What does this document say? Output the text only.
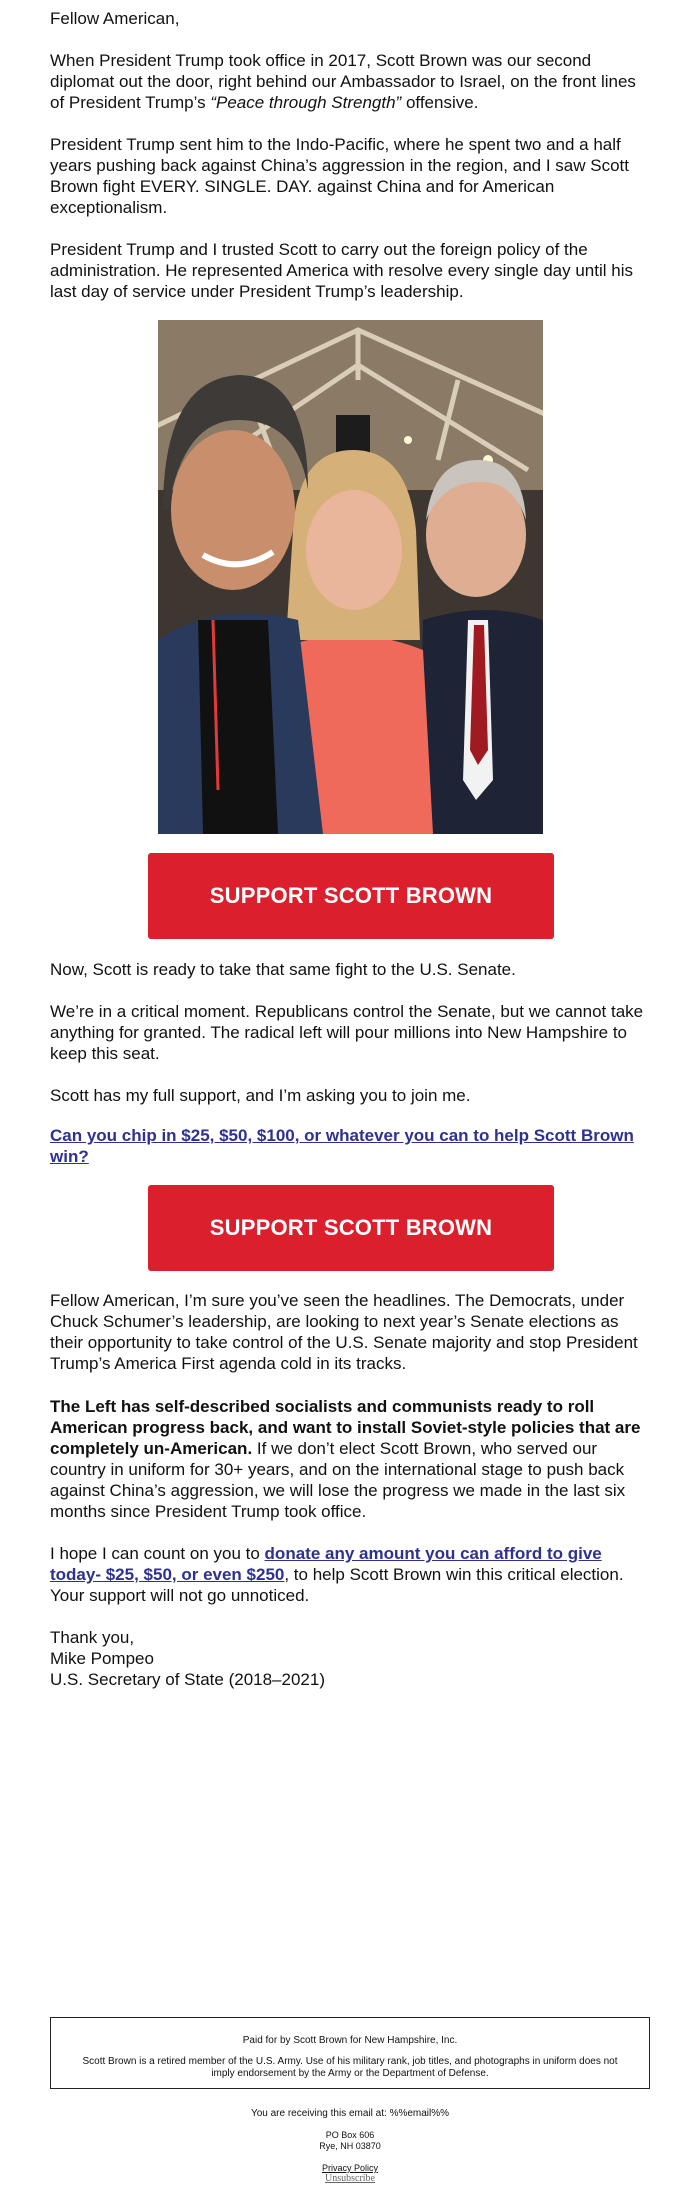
Fellow American,

When President Trump took office in 2017, Scott Brown was our second diplomat out the door, right behind our Ambassador to Israel, on the front lines of President Trump’s “Peace through Strength” offensive.

President Trump sent him to the Indo-Pacific, where he spent two and a half years pushing back against China’s aggression in the region, and I saw Scott Brown fight EVERY. SINGLE. DAY. against China and for American exceptionalism.

President Trump and I trusted Scott to carry out the foreign policy of the administration. He represented America with resolve every single day until his last day of service under President Trump’s leadership.

Now, Scott is ready to take that same fight to the U.S. Senate.

We’re in a critical moment. Republicans control the Senate, but we cannot take anything for granted. The radical left will pour millions into New Hampshire to keep this seat.

Scott has my full support, and I’m asking you to join me.

Can you chip in $25, $50, $100, or whatever you can to help Scott Brown win?

Fellow American, I’m sure you’ve seen the headlines. The Democrats, under Chuck Schumer’s leadership, are looking to next year’s Senate elections as their opportunity to take control of the U.S. Senate majority and stop President Trump’s America First agenda cold in its tracks.

The Left has self-described socialists and communists ready to roll American progress back, and want to install Soviet-style policies that are completely un-American. If we don’t elect Scott Brown, who served our country in uniform for 30+ years, and on the international stage to push back against China’s aggression, we will lose the progress we made in the last six months since President Trump took office.

I hope I can count on you to donate any amount you can afford to give today- $25, $50, or even $250, to help Scott Brown win this critical election. Your support will not go unnoticed.

Thank you,
Mike Pompeo
U.S. Secretary of State (2018–2021)

SUPPORT SCOTT BROWN
SUPPORT SCOTT BROWN
Paid for by Scott Brown for New Hampshire, Inc.
Scott Brown is a retired member of the U.S. Army. Use of his military rank, job titles, and photographs in uniform does not imply endorsement by the Army or the Department of Defense.
You are receiving this email at: %%email%%
PO Box 606
Rye, NH 03870
Privacy Policy
Unsubscribe
